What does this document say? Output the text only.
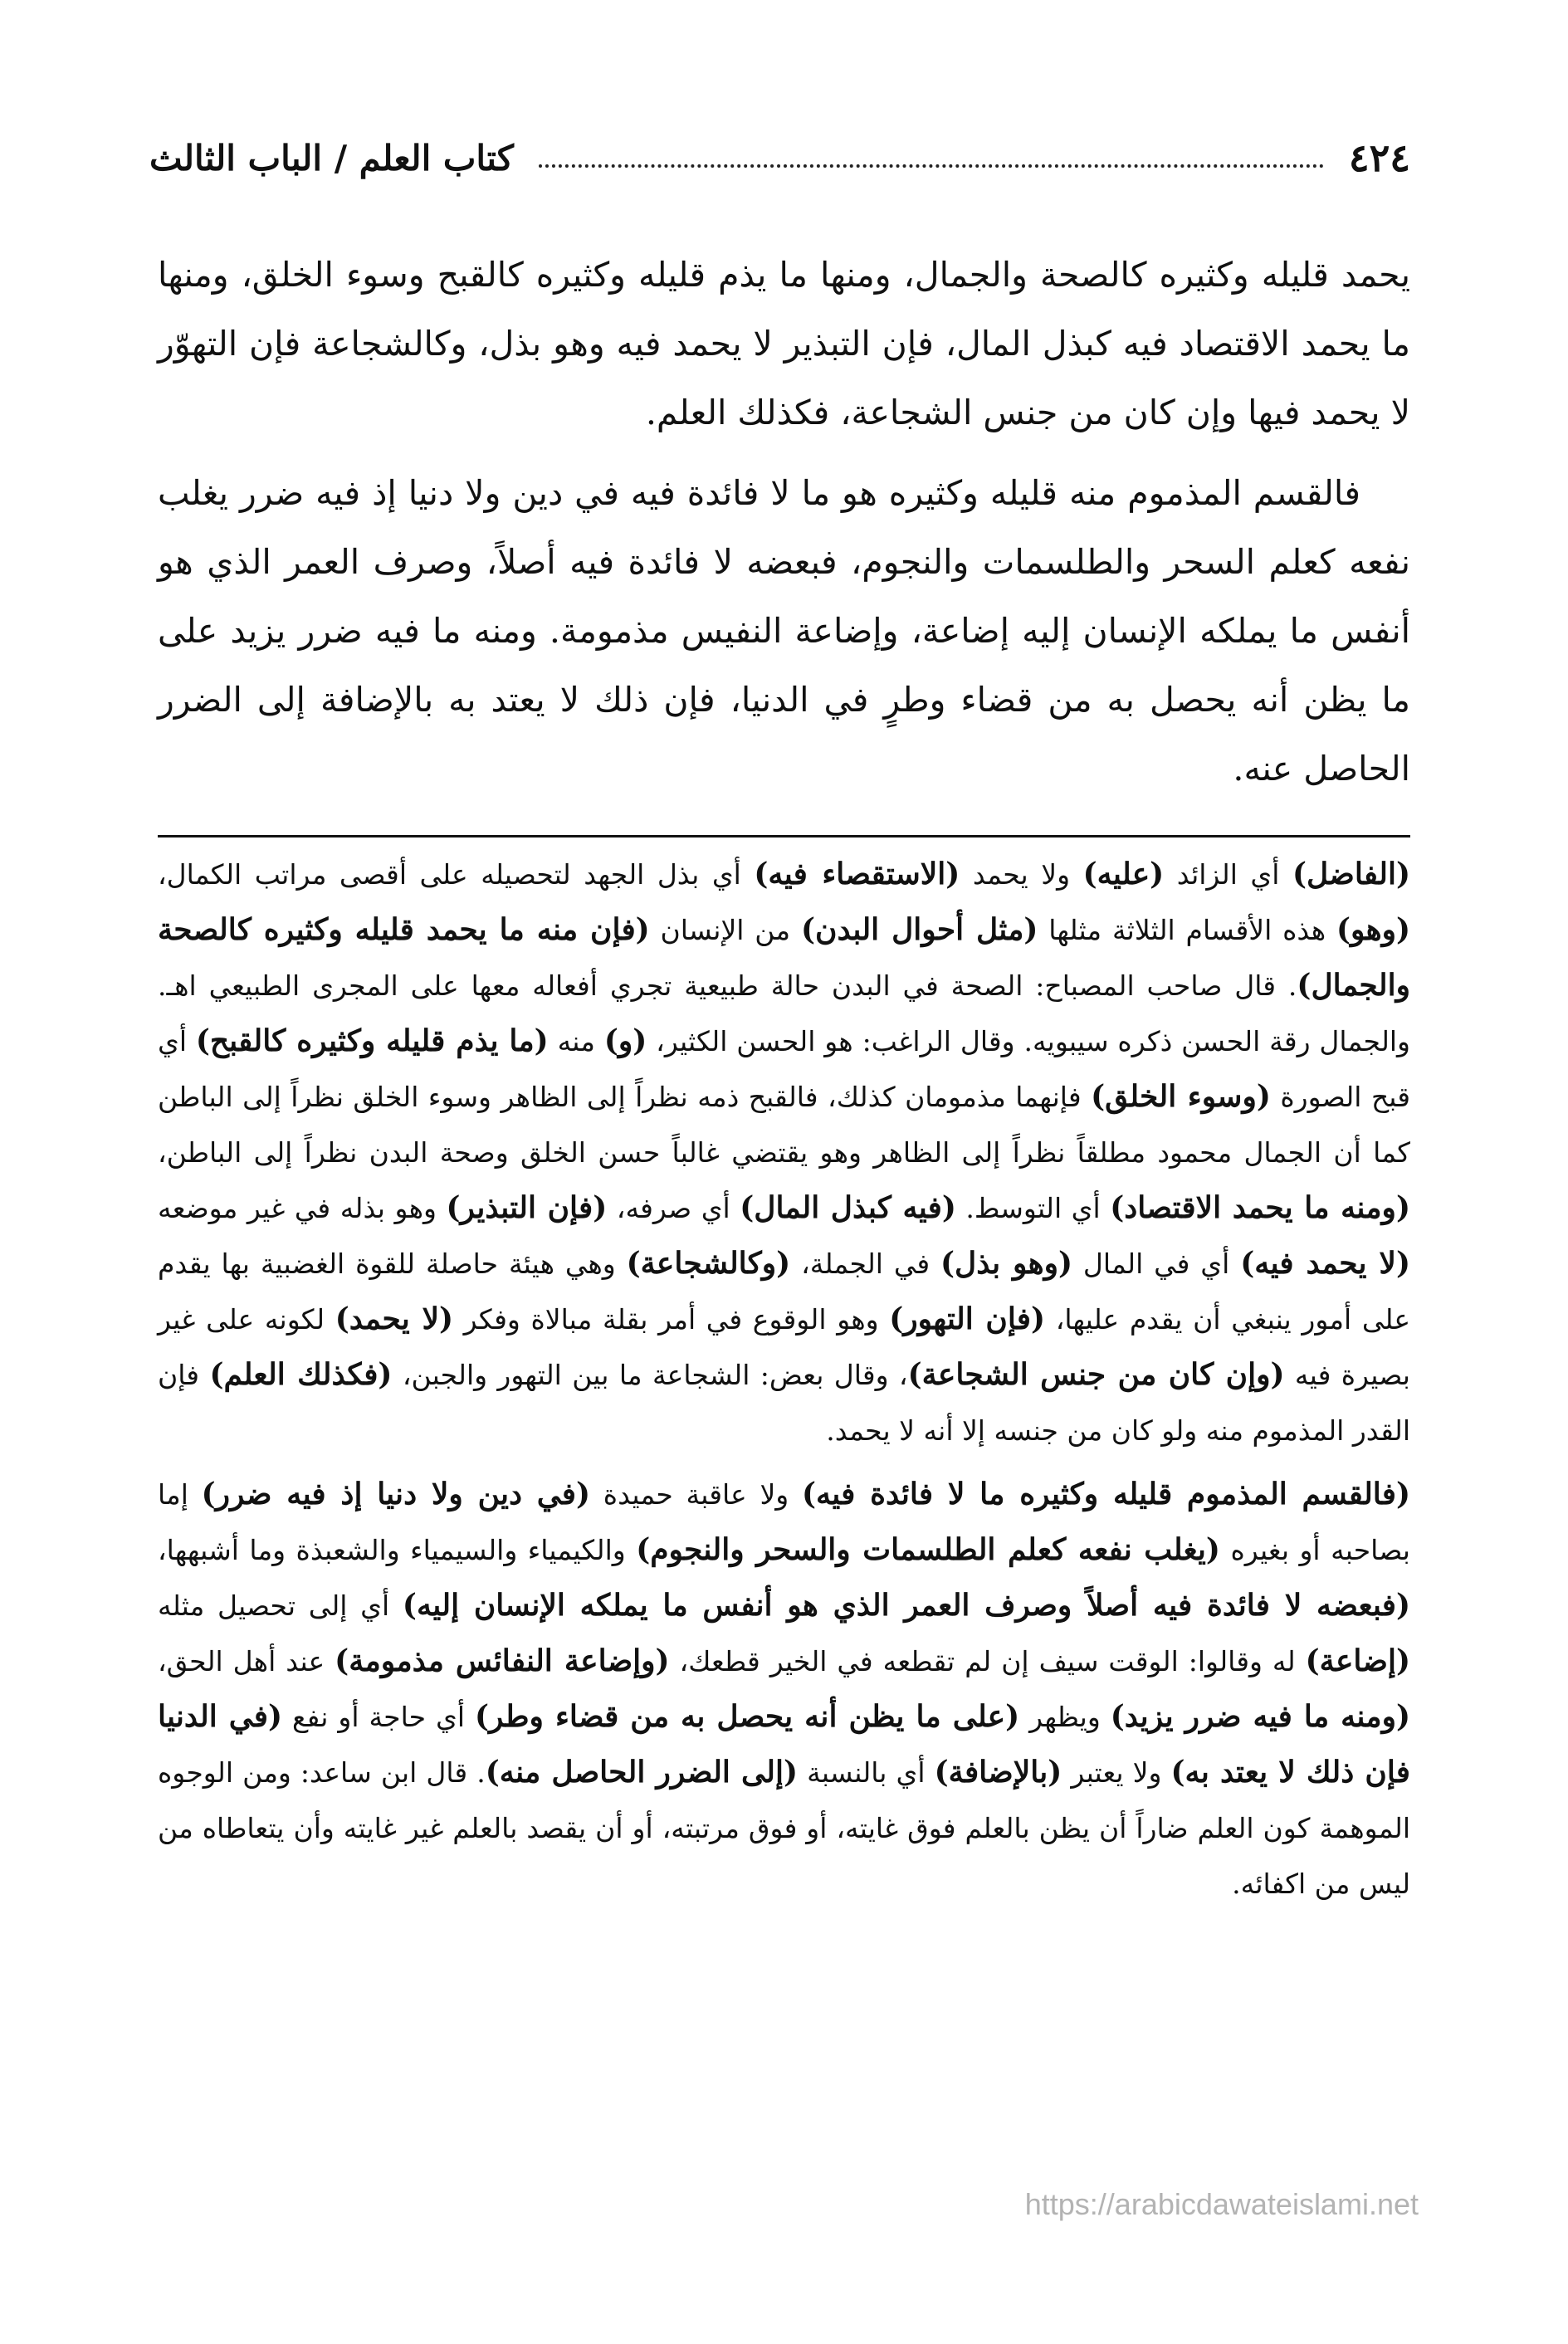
٤٢٤
كتاب العلم / الباب الثالث

يحمد قليله وكثيره كالصحة والجمال، ومنها ما يذم قليله وكثيره كالقبح وسوء الخلق، ومنها ما يحمد الاقتصاد فيه كبذل المال، فإن التبذير لا يحمد فيه وهو بذل، وكالشجاعة فإن التهوّر لا يحمد فيها وإن كان من جنس الشجاعة، فكذلك العلم.

فالقسم المذموم منه قليله وكثيره هو ما لا فائدة فيه في دين ولا دنيا إذ فيه ضرر يغلب نفعه كعلم السحر والطلسمات والنجوم، فبعضه لا فائدة فيه أصلاً، وصرف العمر الذي هو أنفس ما يملكه الإنسان إليه إضاعة، وإضاعة النفيس مذمومة. ومنه ما فيه ضرر يزيد على ما يظن أنه يحصل به من قضاء وطرٍ في الدنيا، فإن ذلك لا يعتد به بالإضافة إلى الضرر الحاصل عنه.

(الفاضل) أي الزائد (عليه) ولا يحمد (الاستقصاء فيه) أي بذل الجهد لتحصيله على أقصى مراتب الكمال، (وهو) هذه الأقسام الثلاثة مثلها (مثل أحوال البدن) من الإنسان (فإن منه ما يحمد قليله وكثيره كالصحة والجمال). قال صاحب المصباح: الصحة في البدن حالة طبيعية تجري أفعاله معها على المجرى الطبيعي اهـ. والجمال رقة الحسن ذكره سيبويه. وقال الراغب: هو الحسن الكثير، (و) منه (ما يذم قليله وكثيره كالقبح) أي قبح الصورة (وسوء الخلق) فإنهما مذمومان كذلك، فالقبح ذمه نظراً إلى الظاهر وسوء الخلق نظراً إلى الباطن كما أن الجمال محمود مطلقاً نظراً إلى الظاهر وهو يقتضي غالباً حسن الخلق وصحة البدن نظراً إلى الباطن، (ومنه ما يحمد الاقتصاد) أي التوسط. (فيه كبذل المال) أي صرفه، (فإن التبذير) وهو بذله في غير موضعه (لا يحمد فيه) أي في المال (وهو بذل) في الجملة، (وكالشجاعة) وهي هيئة حاصلة للقوة الغضبية بها يقدم على أمور ينبغي أن يقدم عليها، (فإن التهور) وهو الوقوع في أمر بقلة مبالاة وفكر (لا يحمد) لكونه على غير بصيرة فيه (وإن كان من جنس الشجاعة)، وقال بعض: الشجاعة ما بين التهور والجبن، (فكذلك العلم) فإن القدر المذموم منه ولو كان من جنسه إلا أنه لا يحمد.

(فالقسم المذموم قليله وكثيره ما لا فائدة فيه) ولا عاقبة حميدة (في دين ولا دنيا إذ فيه ضرر) إما بصاحبه أو بغيره (يغلب نفعه كعلم الطلسمات والسحر والنجوم) والكيمياء والسيمياء والشعبذة وما أشبهها، (فبعضه لا فائدة فيه أصلاً وصرف العمر الذي هو أنفس ما يملكه الإنسان إليه) أي إلى تحصيل مثله (إضاعة) له وقالوا: الوقت سيف إن لم تقطعه في الخير قطعك، (وإضاعة النفائس مذمومة) عند أهل الحق، (ومنه ما فيه ضرر يزيد) ويظهر (على ما يظن أنه يحصل به من قضاء وطر) أي حاجة أو نفع (في الدنيا فإن ذلك لا يعتد به) ولا يعتبر (بالإضافة) أي بالنسبة (إلى الضرر الحاصل منه). قال ابن ساعد: ومن الوجوه الموهمة كون العلم ضاراً أن يظن بالعلم فوق غايته، أو فوق مرتبته، أو أن يقصد بالعلم غير غايته وأن يتعاطاه من ليس من اكفائه.

https://arabicdawateislami.net
